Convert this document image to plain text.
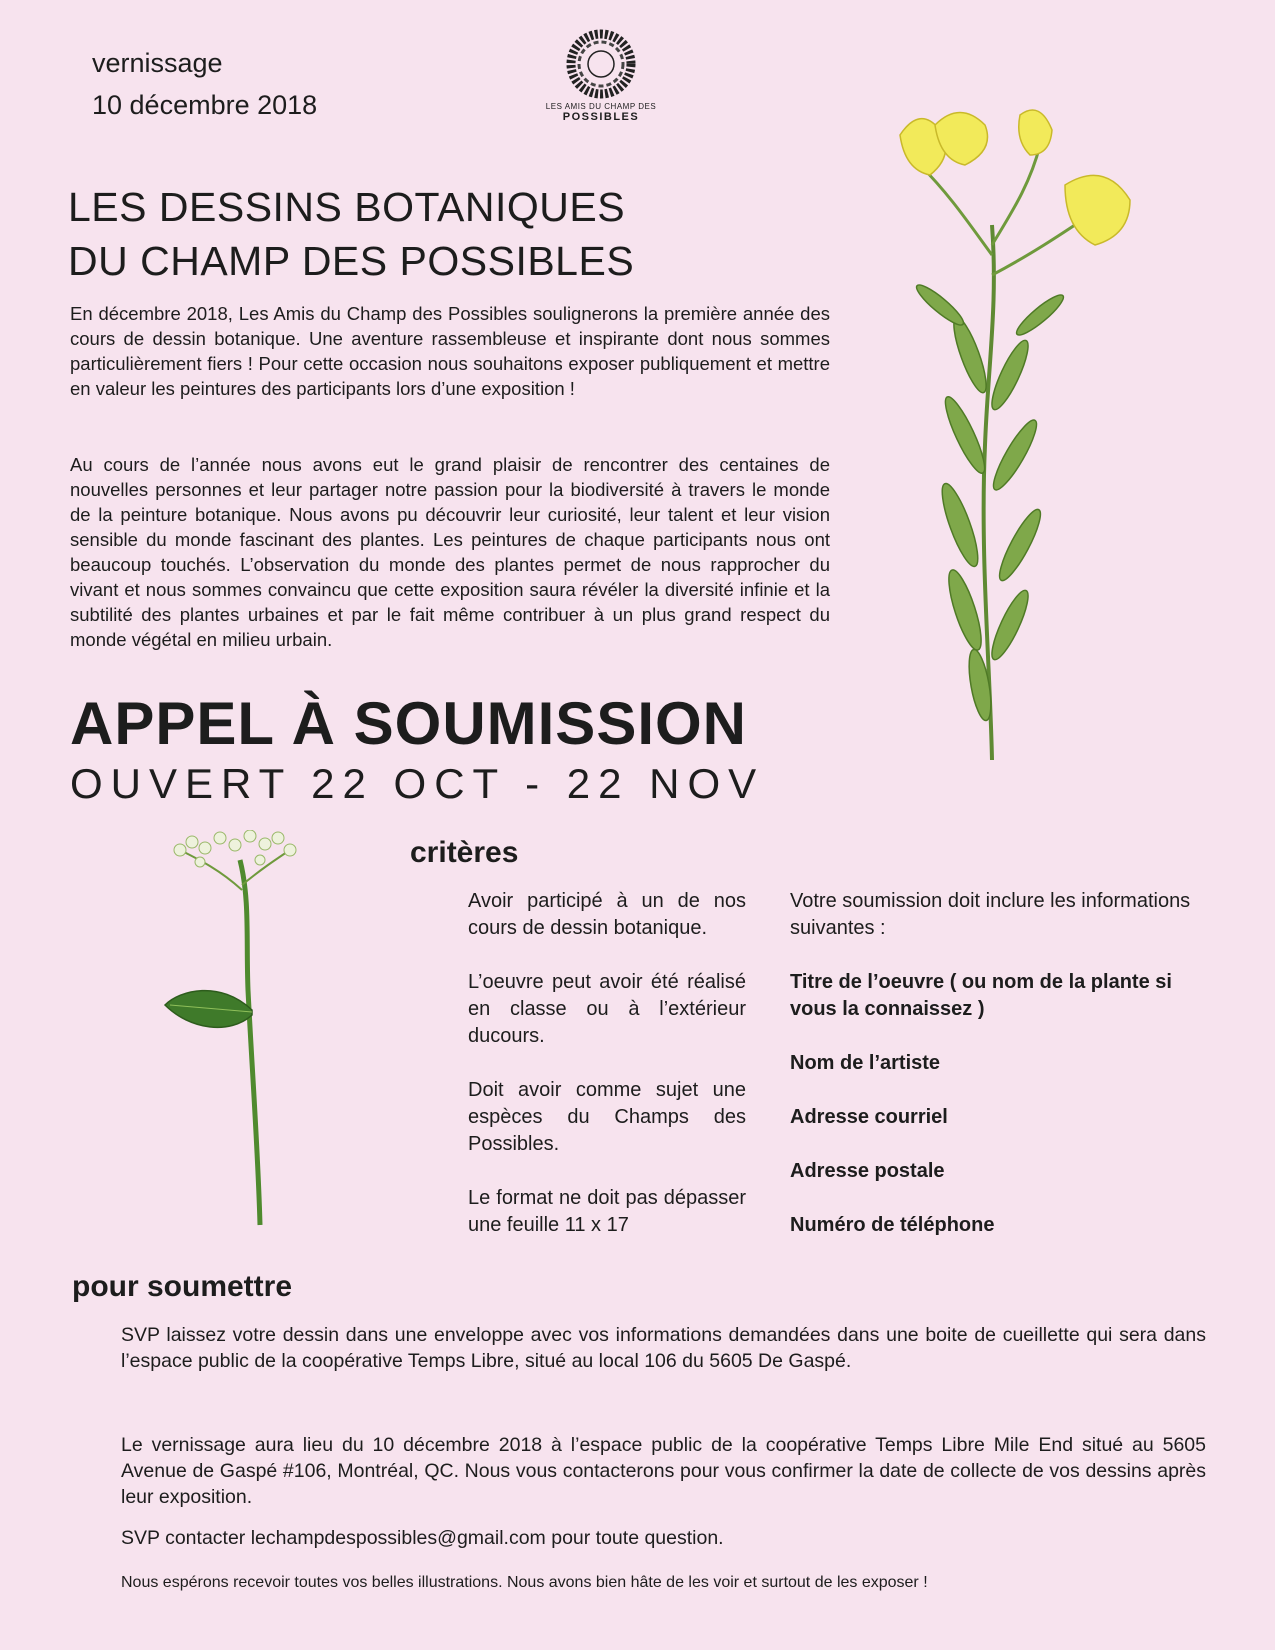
vernissage
10 décembre 2018	LES AMIS DU CHAMP DES
POSSIBLES
LES DESSINS BOTANIQUES
DU CHAMP DES POSSIBLES
En décembre 2018, Les Amis du Champ des Possibles soulignerons la première année des cours de dessin botanique. Une aventure rassembleuse et inspirante dont nous sommes particulièrement fiers ! Pour cette occasion nous souhaitons exposer publiquement et mettre en valeur les peintures des participants lors d’une exposition !
Au cours de l’année nous avons eut le grand plaisir de rencontrer des centaines de nouvelles personnes et leur partager notre passion pour la biodiversité à travers le monde de la peinture botanique. Nous avons pu découvrir leur curiosité, leur talent et leur vision sensible du monde fascinant des plantes. Les peintures de chaque participants nous ont beaucoup touchés. L’observation du monde des plantes permet de nous rapprocher du vivant et nous sommes convaincu que cette exposition saura révéler la diversité infinie et la subtilité des plantes urbaines et par le fait même contribuer à un plus grand respect du monde végétal en milieu urbain.
APPEL À SOUMISSION
OUVERT 22 OCT - 22 NOV
critères

Avoir participé à un de nos cours de dessin botanique.

L’oeuvre peut avoir été réalisé en classe ou à l’extérieur ducours.

Doit avoir comme sujet une espèces du Champs des Possibles.

Le format ne doit pas dépasser une feuille 11 x 17

Votre soumission doit inclure les informations suivantes :

Titre de l’oeuvre ( ou nom de la plante si vous la connaissez )

Nom de l’artiste

Adresse courriel

Adresse postale

Numéro de téléphone

pour soumettre
SVP laissez votre dessin dans une enveloppe avec vos informations demandées dans une boite de cueillette qui sera dans l’espace public de la coopérative Temps Libre, situé au local 106 du 5605 De Gaspé.
Le vernissage aura lieu du 10 décembre 2018 à l’espace public de la coopérative Temps Libre Mile End situé au 5605 Avenue de Gaspé #106, Montréal, QC. Nous vous contacterons pour vous confirmer la date de collecte de vos dessins après leur exposition.
SVP contacter lechampdespossibles@gmail.com pour toute question.
Nous espérons recevoir toutes vos belles illustrations. Nous avons bien hâte de les voir et surtout de les exposer !
